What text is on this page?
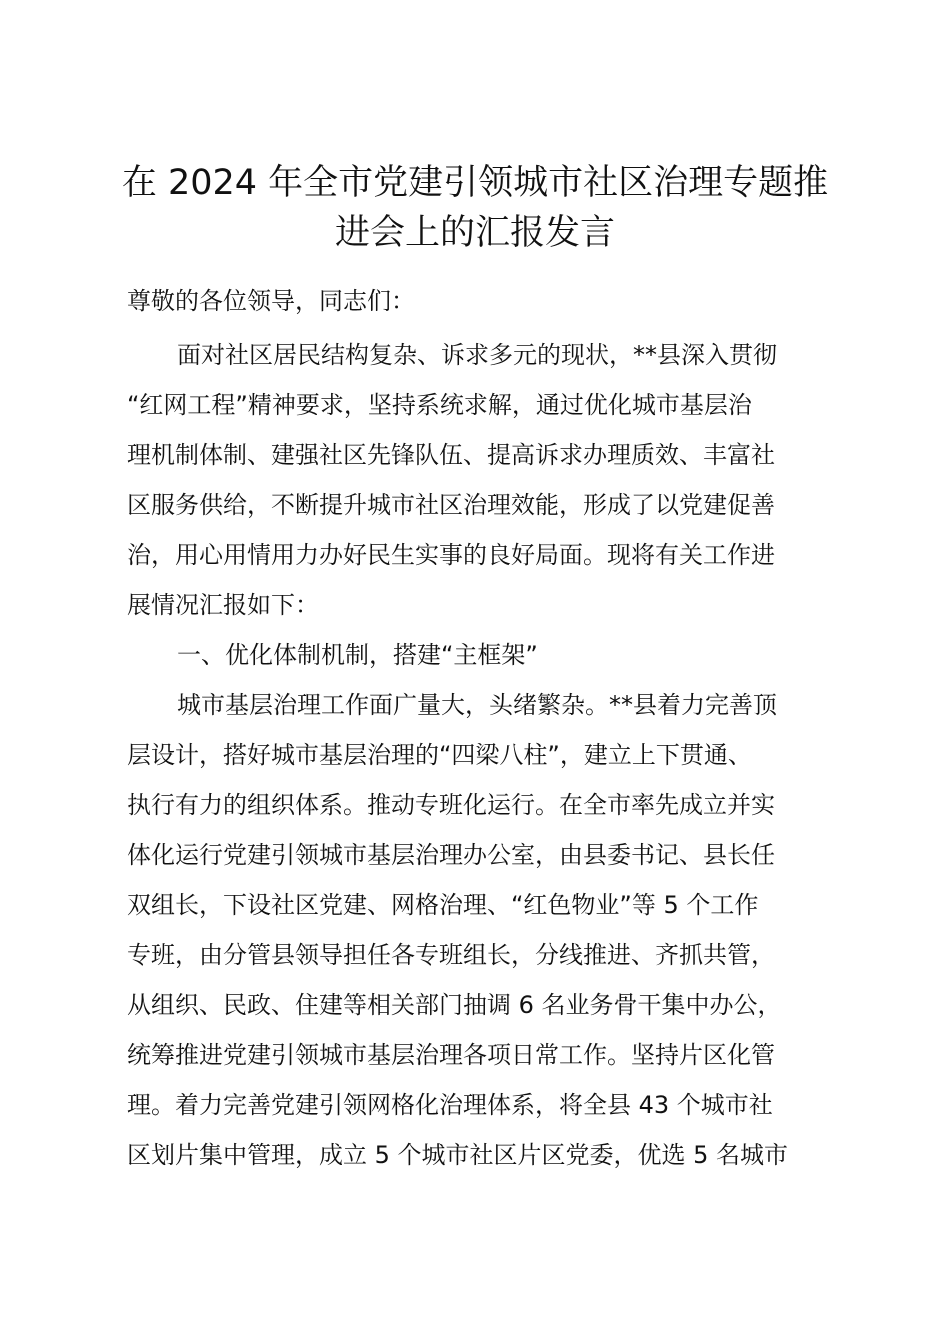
在 2024 年全市党建引领城市社区治理专题推
进会上的汇报发言
尊敬的各位领导，同志们：
面对社区居民结构复杂、诉求多元的现状，**县深入贯彻
“红网工程”精神要求，坚持系统求解，通过优化城市基层治
理机制体制、建强社区先锋队伍、提高诉求办理质效、丰富社
区服务供给，不断提升城市社区治理效能，形成了以党建促善
治，用心用情用力办好民生实事的良好局面。现将有关工作进
展情况汇报如下：
一、优化体制机制，搭建“主框架”
城市基层治理工作面广量大，头绪繁杂。**县着力完善顶
层设计，搭好城市基层治理的“四梁八柱”，建立上下贯通、
执行有力的组织体系。推动专班化运行。在全市率先成立并实
体化运行党建引领城市基层治理办公室，由县委书记、县长任
双组长，下设社区党建、网格治理、“红色物业”等 5 个工作
专班，由分管县领导担任各专班组长，分线推进、齐抓共管，
从组织、民政、住建等相关部门抽调 6 名业务骨干集中办公，
统筹推进党建引领城市基层治理各项日常工作。坚持片区化管
理。着力完善党建引领网格化治理体系，将全县 43 个城市社
区划片集中管理，成立 5 个城市社区片区党委，优选 5 名城市
